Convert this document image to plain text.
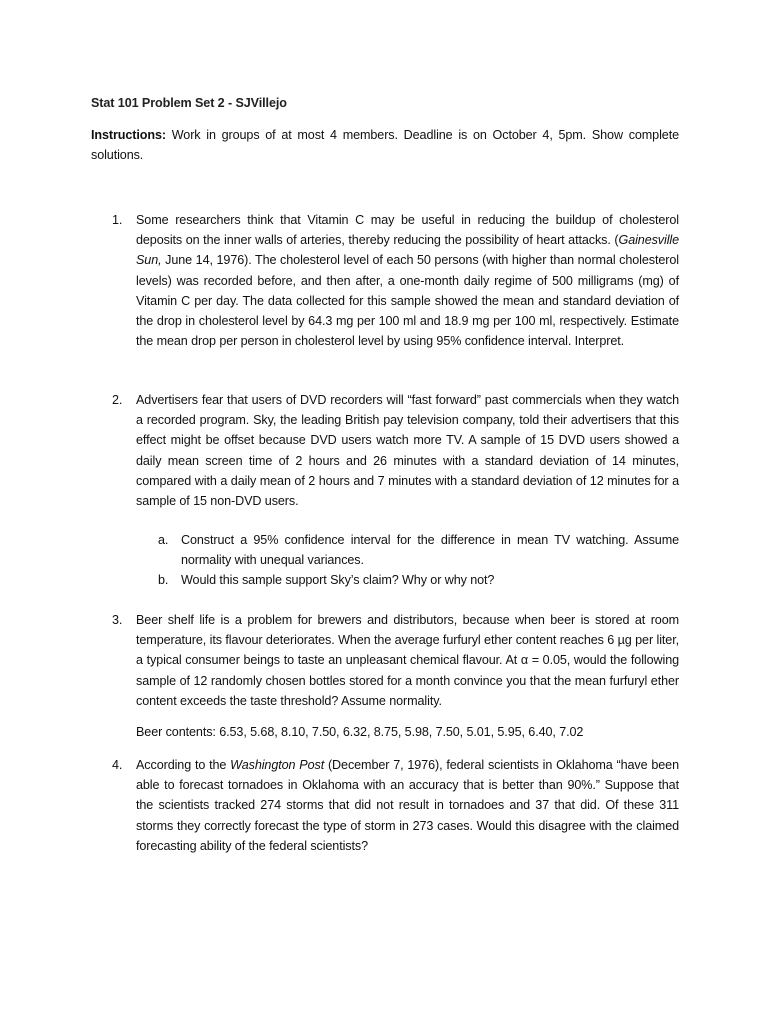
Stat 101 Problem Set 2 - SJVillejo
Instructions: Work in groups of at most 4 members. Deadline is on October 4, 5pm. Show complete solutions.
1.	Some researchers think that Vitamin C may be useful in reducing the buildup of cholesterol deposits on the inner walls of arteries, thereby reducing the possibility of heart attacks. (Gainesville Sun, June 14, 1976). The cholesterol level of each 50 persons (with higher than normal cholesterol levels) was recorded before, and then after, a one-month daily regime of 500 milligrams (mg) of Vitamin C per day. The data collected for this sample showed the mean and standard deviation of the drop in cholesterol level by 64.3 mg per 100 ml and 18.9 mg per 100 ml, respectively. Estimate the mean drop per person in cholesterol level by using 95% confidence interval. Interpret.
2.	Advertisers fear that users of DVD recorders will “fast forward” past commercials when they watch a recorded program. Sky, the leading British pay television company, told their advertisers that this effect might be offset because DVD users watch more TV. A sample of 15 DVD users showed a daily mean screen time of 2 hours and 26 minutes with a standard deviation of 14 minutes, compared with a daily mean of 2 hours and 7 minutes with a standard deviation of 12 minutes for a sample of 15 non-DVD users.
a.	Construct a 95% confidence interval for the difference in mean TV watching. Assume normality with unequal variances.
b.	Would this sample support Sky’s claim? Why or why not?
3.	Beer shelf life is a problem for brewers and distributors, because when beer is stored at room temperature, its flavour deteriorates. When the average furfuryl ether content reaches 6 µg per liter, a typical consumer beings to taste an unpleasant chemical flavour. At α = 0.05, would the following sample of 12 randomly chosen bottles stored for a month convince you that the mean furfuryl ether content exceeds the taste threshold? Assume normality.
Beer contents: 6.53, 5.68, 8.10, 7.50, 6.32, 8.75, 5.98, 7.50, 5.01, 5.95, 6.40, 7.02
4.	According to the Washington Post (December 7, 1976), federal scientists in Oklahoma “have been able to forecast tornadoes in Oklahoma with an accuracy that is better than 90%.” Suppose that the scientists tracked 274 storms that did not result in tornadoes and 37 that did. Of these 311 storms they correctly forecast the type of storm in 273 cases. Would this disagree with the claimed forecasting ability of the federal scientists?
